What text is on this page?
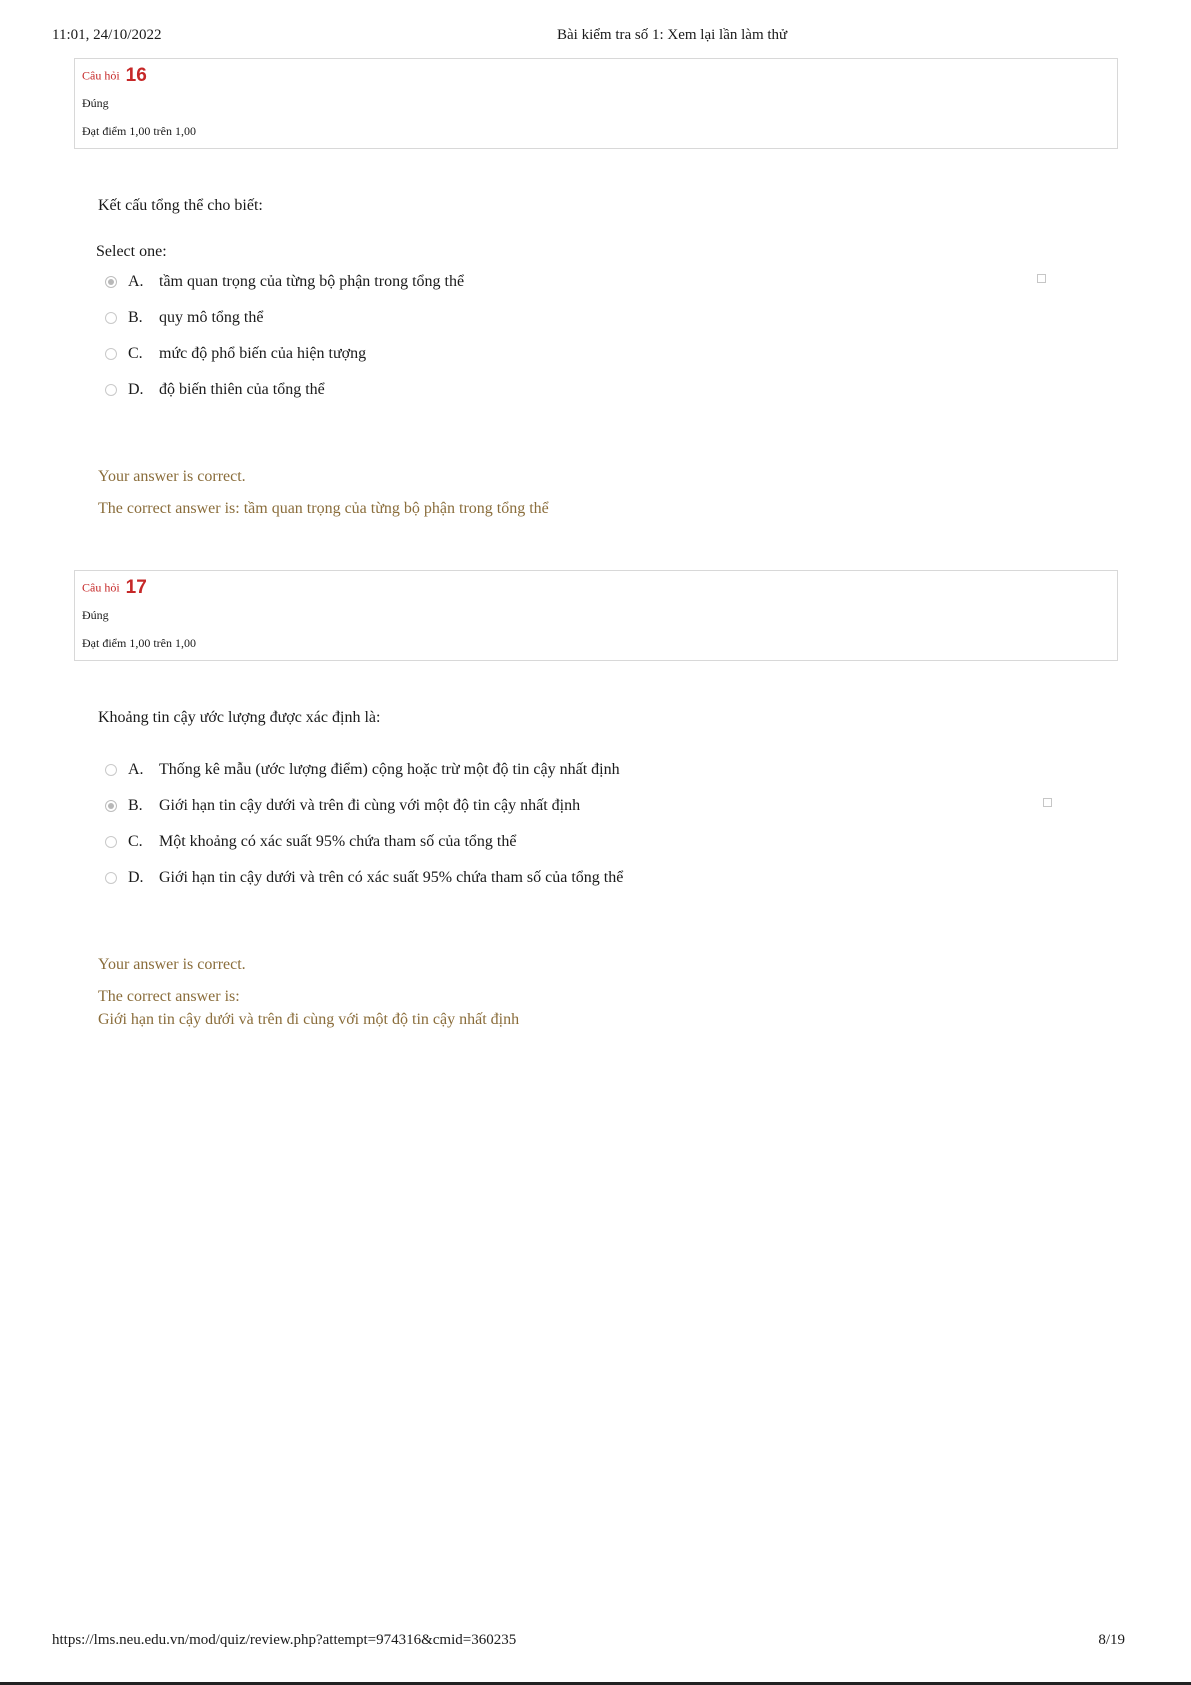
11:01, 24/10/2022	Bài kiểm tra số 1: Xem lại lần làm thử
Câu hỏi 16
Đúng
Đạt điểm 1,00 trên 1,00
Kết cấu tổng thể cho biết:
Select one:
A. tầm quan trọng của từng bộ phận trong tổng thể
B.	quy mô tổng thể
C.	mức độ phổ biến của hiện tượng
D. độ biến thiên của tổng thể
Your answer is correct.
The correct answer is: tầm quan trọng của từng bộ phận trong tổng thể
Câu hỏi 17
Đúng
Đạt điểm 1,00 trên 1,00
Khoảng tin cậy ước lượng được xác định là:
A. Thống kê mẫu (ước lượng điểm) cộng hoặc trừ một độ tin cậy nhất định
B.	Giới hạn tin cậy dưới và trên đi cùng với một độ tin cậy nhất định
C.	Một khoảng có xác suất 95% chứa tham số của tổng thể
D. Giới hạn tin cậy dưới và trên có xác suất 95% chứa tham số của tổng thể
Your answer is correct.
The correct answer is:
Giới hạn tin cậy dưới và trên đi cùng với một độ tin cậy nhất định
https://lms.neu.edu.vn/mod/quiz/review.php?attempt=974316&cmid=360235	8/19
